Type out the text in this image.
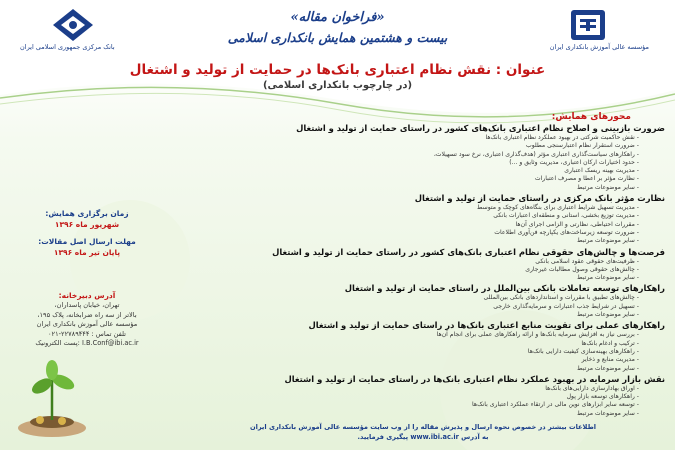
مؤسسه عالی آموزش بانکداری ایران
بانک مرکزی جمهوری اسلامی ایران
«فراخوان مقاله»
بیست و هشتمین همایش بانکداری اسلامی
عنوان : نقش نظام اعتباری بانک‌ها در حمایت از تولید و اشتغال
(در چارچوب بانکداری اسلامی)
محورهای همایش:
ضرورت بازبینی و اصلاح نظام اعتباری بانک‌های کشور در راستای حمایت از تولید و اشتغال
- نقش حاکمیت شرکتی در بهبود عملکرد نظام اعتباری بانک‌ها
- ضرورت استقرار نظام اعتبارسنجی مطلوب
- راهکارهای سیاست‌گذاری اعتباری مؤثر (هدف‌گذاری اعتباری، نرخ سود تسهیلات،
- حدود اختیارات ارکان اعتباری، مدیریت وثایق و ...)
- مدیریت بهینه ریسک اعتباری
- نظارت مؤثر بر اعطا و مصرف اعتبارات
- سایر موضوعات مرتبط
نظارت مؤثر بانک مرکزی در راستای حمایت از تولید و اشتغال
- مدیریت تسهیل شرایط اعتباری برای بنگاه‌های کوچک و متوسط
- مدیریت توزیع بخشی، استانی و منطقه‌ای اعتبارات بانکی
- مقررات احتیاطی، نظارتی و الزامی اجرای آن‌ها
- ضرورت توسعه زیرساخت‌های یکپارچه فن‌آوری اطلاعات
- سایر موضوعات مرتبط
فرصت‌ها و چالش‌های حقوقی نظام اعتباری بانک‌های کشور در راستای حمایت از تولید و اشتغال
- ظرفیت‌های حقوقی عقود اسلامی بانکی
- چالش‌های حقوقی وصول مطالبات غیرجاری
- سایر موضوعات مرتبط
راهکارهای توسعه تعاملات بانکی بین‌الملل در راستای حمایت از تولید و اشتغال
- چالش‌های تطبیق با مقررات و استانداردهای بانکی بین‌المللی
- تسهیل در شرایط جذب اعتبارات و سرمایه‌گذاری خارجی
- سایر موضوعات مرتبط
راهکارهای عملی برای تقویت منابع اعتباری بانک‌ها در راستای حمایت از تولید و اشتغال
- بررسی نیاز به افزایش سرمایه بانک‌ها و ارائه راهکارهای عملی برای انجام آن‌ها
- ترکیب و ادغام بانک‌ها
- راهکارهای بهینه‌سازی کیفیت دارایی بانک‌ها
- مدیریت منابع و ذخایر
- سایر موضوعات مرتبط
نقش بازار سرمایه در بهبود عملکرد نظام اعتباری بانک‌ها در راستای حمایت از تولید و اشتغال
- اوراق بهادارسازی دارایی‌های بانک‌ها
- راهکارهای توسعه بازار پول
- توسعه سایر ابزارهای نوین مالی در ارتقاء عملکرد اعتباری بانک‌ها
- سایر موضوعات مرتبط
زمان برگزاری همایش:
شهریور ماه ۱۳۹۶
مهلت ارسال اصل مقالات:
پایان تیر ماه ۱۳۹۶
آدرس دبیرخانه:
تهران، خیابان پاسداران،
بالاتر از سه راه ضرابخانه، پلاک ۱۹۵،
مؤسسه عالی آموزش بانکداری ایران
تلفن تماس : ۲۲۷۸۹۴۴۴-۰۲۱
پست الکترونیک: I.B.Conf@ibi.ac.ir
اطلاعات بیشتر در خصوص نحوه ارسال و پذیرش مقاله را از وب سایت مؤسسه عالی آموزش بانکداری ایران
به آدرس www.ibi.ac.ir پیگیری فرمایید.
